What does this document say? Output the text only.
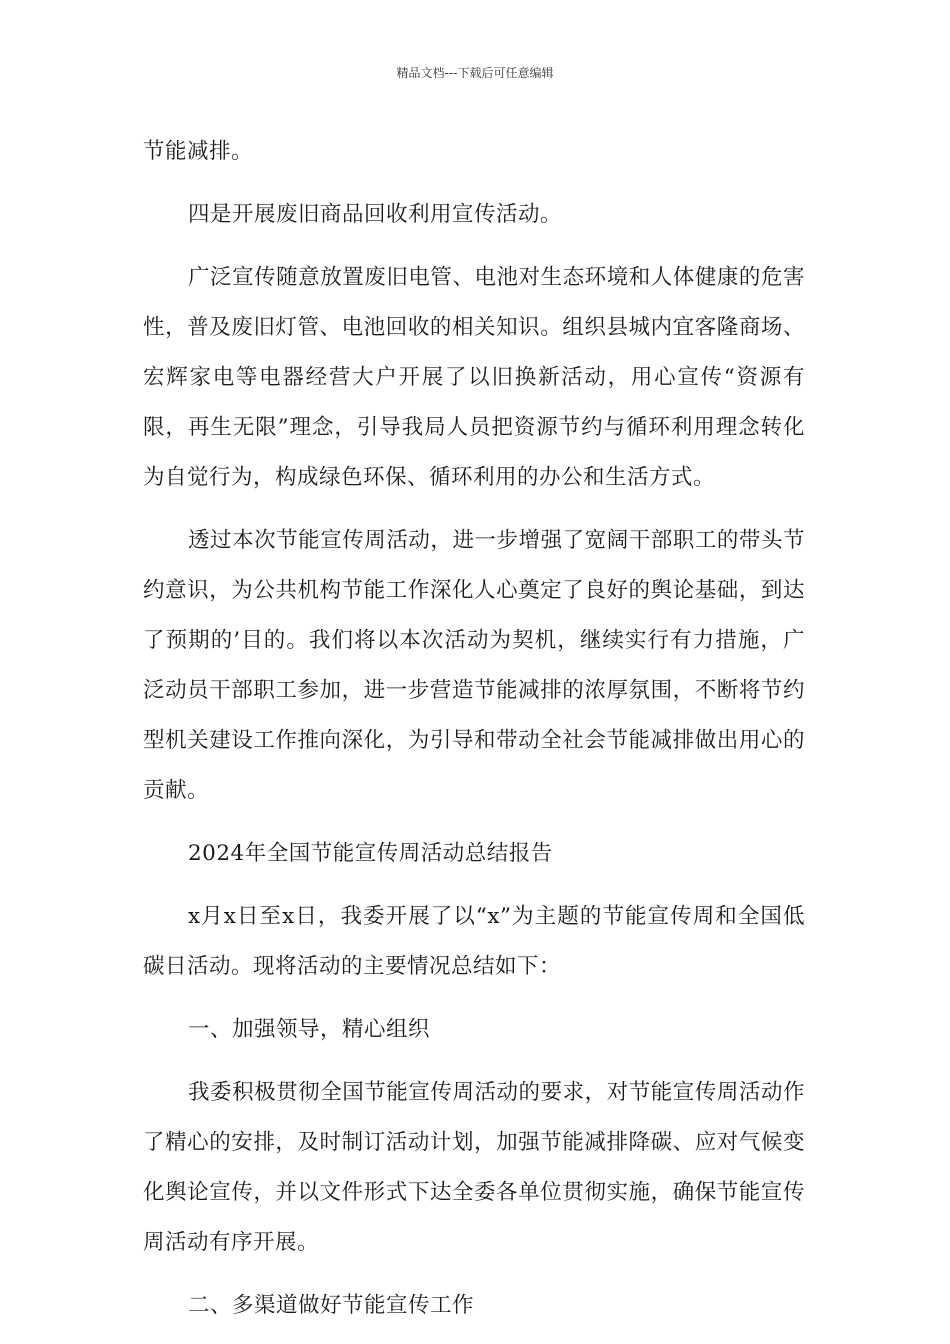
精品文档---下载后可任意编辑

节能减排。

四是开展废旧商品回收利用宣传活动。

广泛宣传随意放置废旧电管、电池对生态环境和人体健康的危害性，普及废旧灯管、电池回收的相关知识。组织县城内宜客隆商场、宏辉家电等电器经营大户开展了以旧换新活动，用心宣传“资源有限，再生无限”理念，引导我局人员把资源节约与循环利用理念转化为自觉行为，构成绿色环保、循环利用的办公和生活方式。

透过本次节能宣传周活动，进一步增强了宽阔干部职工的带头节约意识，为公共机构节能工作深化人心奠定了良好的舆论基础，到达了预期的’目的。我们将以本次活动为契机，继续实行有力措施，广泛动员干部职工参加，进一步营造节能减排的浓厚氛围，不断将节约型机关建设工作推向深化，为引导和带动全社会节能减排做出用心的贡献。

2024年全国节能宣传周活动总结报告

x月x日至x日，我委开展了以“x”为主题的节能宣传周和全国低碳日活动。现将活动的主要情况总结如下：

一、加强领导，精心组织

我委积极贯彻全国节能宣传周活动的要求，对节能宣传周活动作了精心的安排，及时制订活动计划，加强节能减排降碳、应对气候变化舆论宣传，并以文件形式下达全委各单位贯彻实施，确保节能宣传周活动有序开展。

二、多渠道做好节能宣传工作
